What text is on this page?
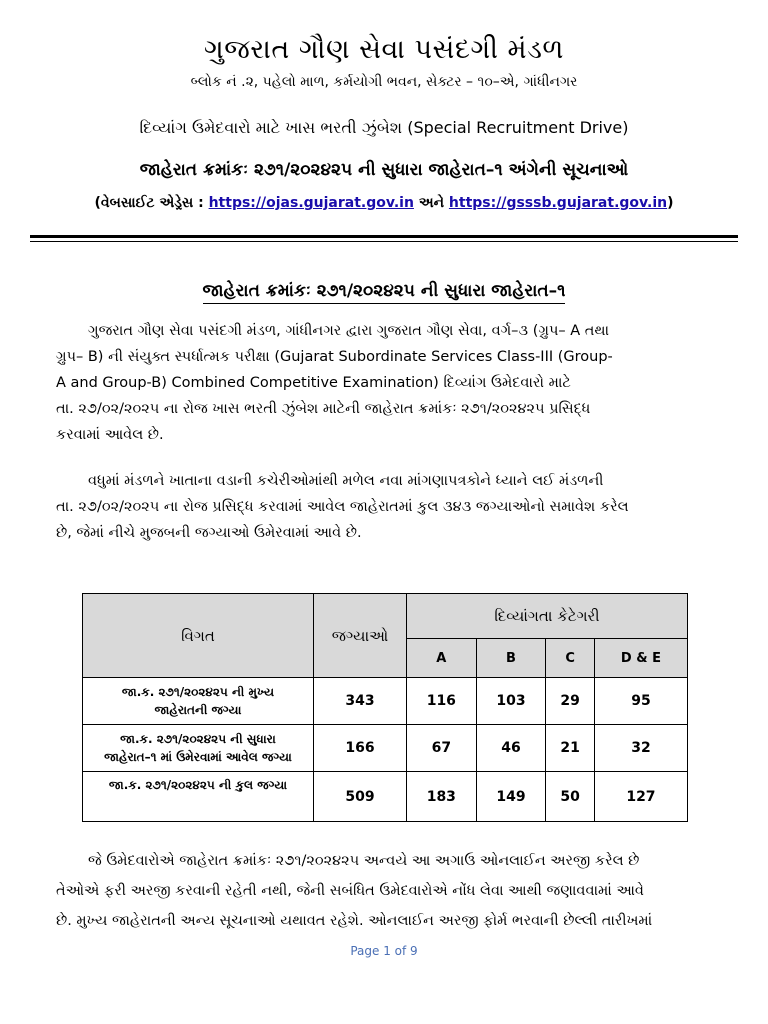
ગુજરાત ગૌણ સેવા પસંદગી મંડળ
બ્લોક નં .૨, પહેલો માળ, કર્મયોગી ભવન, સેક્ટર – ૧૦–એ, ગાંધીનગર
દિવ્યાંગ ઉમેદવારો માટે ખાસ ભરતી ઝુંબેશ (Special Recruitment Drive)
જાહેરાત ક્રમાંકઃ ૨૭૧/૨૦૨૪૨૫ ની સુધારા જાહેરાત–૧ અંગેની સૂચનાઓ
(વેબસાઈટ એડ્રેસ : https://ojas.gujarat.gov.in અને https://gsssb.gujarat.gov.in)
જાહેરાત ક્રમાંકઃ ૨૭૧/૨૦૨૪૨૫ ની સુધારા જાહેરાત–૧
ગુજરાત ગૌણ સેવા પસંદગી મંડળ, ગાંધીનગર દ્વારા ગુજરાત ગૌણ સેવા, વર્ગ–૩ (ગ્રુપ– A તથા
ગ્રુપ– B) ની સંયુક્ત સ્પર્ધાત્મક પરીક્ષા (Gujarat Subordinate Services Class-III (Group-
A and Group-B) Combined Competitive Examination) દિવ્યાંગ ઉમેદવારો માટે
તા. ૨૭/૦૨/૨૦૨૫ ના રોજ ખાસ ભરતી ઝુંબેશ માટેની જાહેરાત ક્રમાંકઃ ૨૭૧/૨૦૨૪૨૫ પ્રસિદ્ધ
કરવામાં આવેલ છે.
વધુમાં મંડળને ખાતાના વડાની કચેરીઓમાંથી મળેલ નવા માંગણાપત્રકોને ધ્યાને લઈ મંડળની
તા. ૨૭/૦૨/૨૦૨૫ ના રોજ પ્રસિદ્ધ કરવામાં આવેલ જાહેરાતમાં કુલ ૩૪૩ જગ્યાઓનો સમાવેશ કરેલ
છે, જેમાં નીચે મુજબની જગ્યાઓ ઉમેરવામાં આવે છે.
વિગત	જગ્યાઓ	દિવ્યાંગતા કેટેગરી			
		A	B	C	D & E

જા.ક. ૨૭૧/૨૦૨૪૨૫ ની મુખ્ય
જાહેરાતની જગ્યા	343	116	103	29	95

જા.ક. ૨૭૧/૨૦૨૪૨૫ ની સુધારા
જાહેરાત–૧ માં ઉમેરવામાં આવેલ જગ્યા	166	67	46	21	32

જા.ક. ૨૭૧/૨૦૨૪૨૫ ની કુલ જગ્યા	509	183	149	50	127
જે ઉમેદવારોએ જાહેરાત ક્રમાંકઃ ૨૭૧/૨૦૨૪૨૫ અન્વયે આ અગાઉ ઓનલાઈન અરજી કરેલ છે
તેઓએ ફરી અરજી કરવાની રહેતી નથી, જેની સબંધિત ઉમેદવારોએ નોંધ લેવા આથી જણાવવામાં આવે
છે. મુખ્ય જાહેરાતની અન્ય સૂચનાઓ યથાવત રહેશે. ઓનલાઈન અરજી ફોર્મ ભરવાની છેલ્લી તારીખમાં
Page 1 of 9
